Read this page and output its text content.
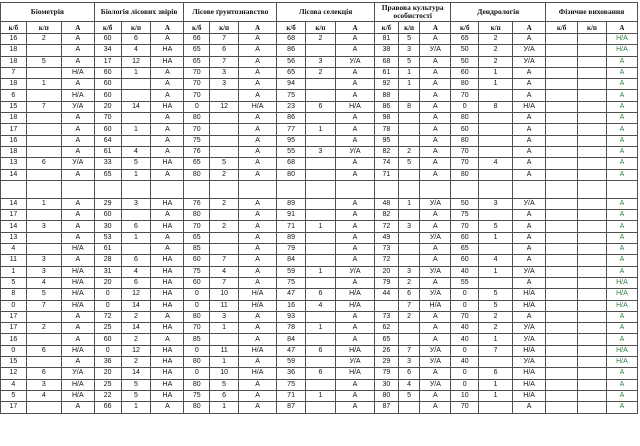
Біометрія			Біологія лісових звірів			Лісове ґрунтознавство			Лісова селекція			Правова культура особистості			Дендрологія			Фізичне виховання		
к/б	к/п	А	к/б	к/п	А	к/б	к/п	А	к/б	к/п	А	к/б	к/п	А	к/б	к/п	А	к/б	к/п	А
16	2	А	60	6	А	66	7	А	68	2	А	81	5	А	65	2	А			Н/А
18		А	34	4	НА	65	6	А	86		А	38	3	У/А	50	2	У/А			Н/А
18	5	А	17	12	НА	65	7	А	56	3	У/А	68	5	А	50	2	У/А			А
7		Н/А	60	1	А	70	3	А	65	2	А	61	1	А	60	1	А			А
18	1	А	60		А	70	3	А	94		А	92	1	А	80	1	А			А
6		Н/А	60		А	70		А	75		А	88		А	70		А			А
15	7	У/А	20	14	НА	0	12	Н/А	23	6	Н/А	86	8	А	0	8	Н/А			А
18		А	70		А	80		А	86		А	98		А	80		А			А
17		А	60	1	А	70		А	77	1	А	78		А	60		А			А
16		А	64		А	75		А	95		А	95		А	80		А			А
18		А	61	4	А	76		А	55	3	У/А	82	2	А	70		А			А
13	6	У/А	33	5	НА	65	5	А	68		А	74	5	А	70	4	А			А
14		А	65	1	А	80	2	А	80		А	71		А	80		А			А

14	1	А	29	3	НА	76	2	А	89		А	48	1	У/А	50	3	У/А			А
17		А	60		А	80		А	91		А	82		А	75		А			А
14	3	А	30	6	НА	70	2	А	71	1	А	72	3	А	70	5	А			А
13		А	53	1	А	65		А	89		А	49		У/А	60	1	А			А
4		Н/А	61		А	85		А	79		А	73		А	65		А			А
11	3	А	28	6	НА	60	7	А	84		А	72		А	60	4	А			А
1	3	Н/А	31	4	НА	75	4	А	59	1	У/А	20	3	У/А	40	1	У/А			А
5	4	Н/А	20	6	НА	60	7	А	75		А	79	2	А	55		А			Н/А
8	5	Н/А	0	12	НА	0	10	Н/А	47	6	Н/А	44	6	У/А	0	5	Н/А			Н/А
0	7	Н/А	0	14	НА	0	11	Н/А	16	4	Н/А		7	Н/А	0	5	Н/А			Н/А
17		А	72	2	А	80	3	А	93		А	73	2	А	70	2	А			А
17	2	А	25	14	НА	70	1	А	78	1	А	62		А	40	2	У/А			А
16		А	60	2	А	85		А	84		А	65		А	40	1	У/А			А
0	6	Н/А	0	12	НА	0	11	Н/А	47	6	Н/А	26	7	У/А	0	7	Н/А			Н/А
15		А	36	2	НА	80	1	А	59		У/А	29	3	У/А	40		У/А			Н/А
12	6	У/А	20	14	НА	0	10	Н/А	36	6	Н/А	79	6	А	0	6	Н/А			А
4	3	Н/А	25	5	НА	80	5	А	75		А	30	4	У/А	0	1	Н/А			А
5	4	Н/А	22	5	НА	75	6	А	71	1	А	80	5	А	10	1	Н/А			А
17		А	66	1	А	80	1	А	87		А	87		А	70		А			А
